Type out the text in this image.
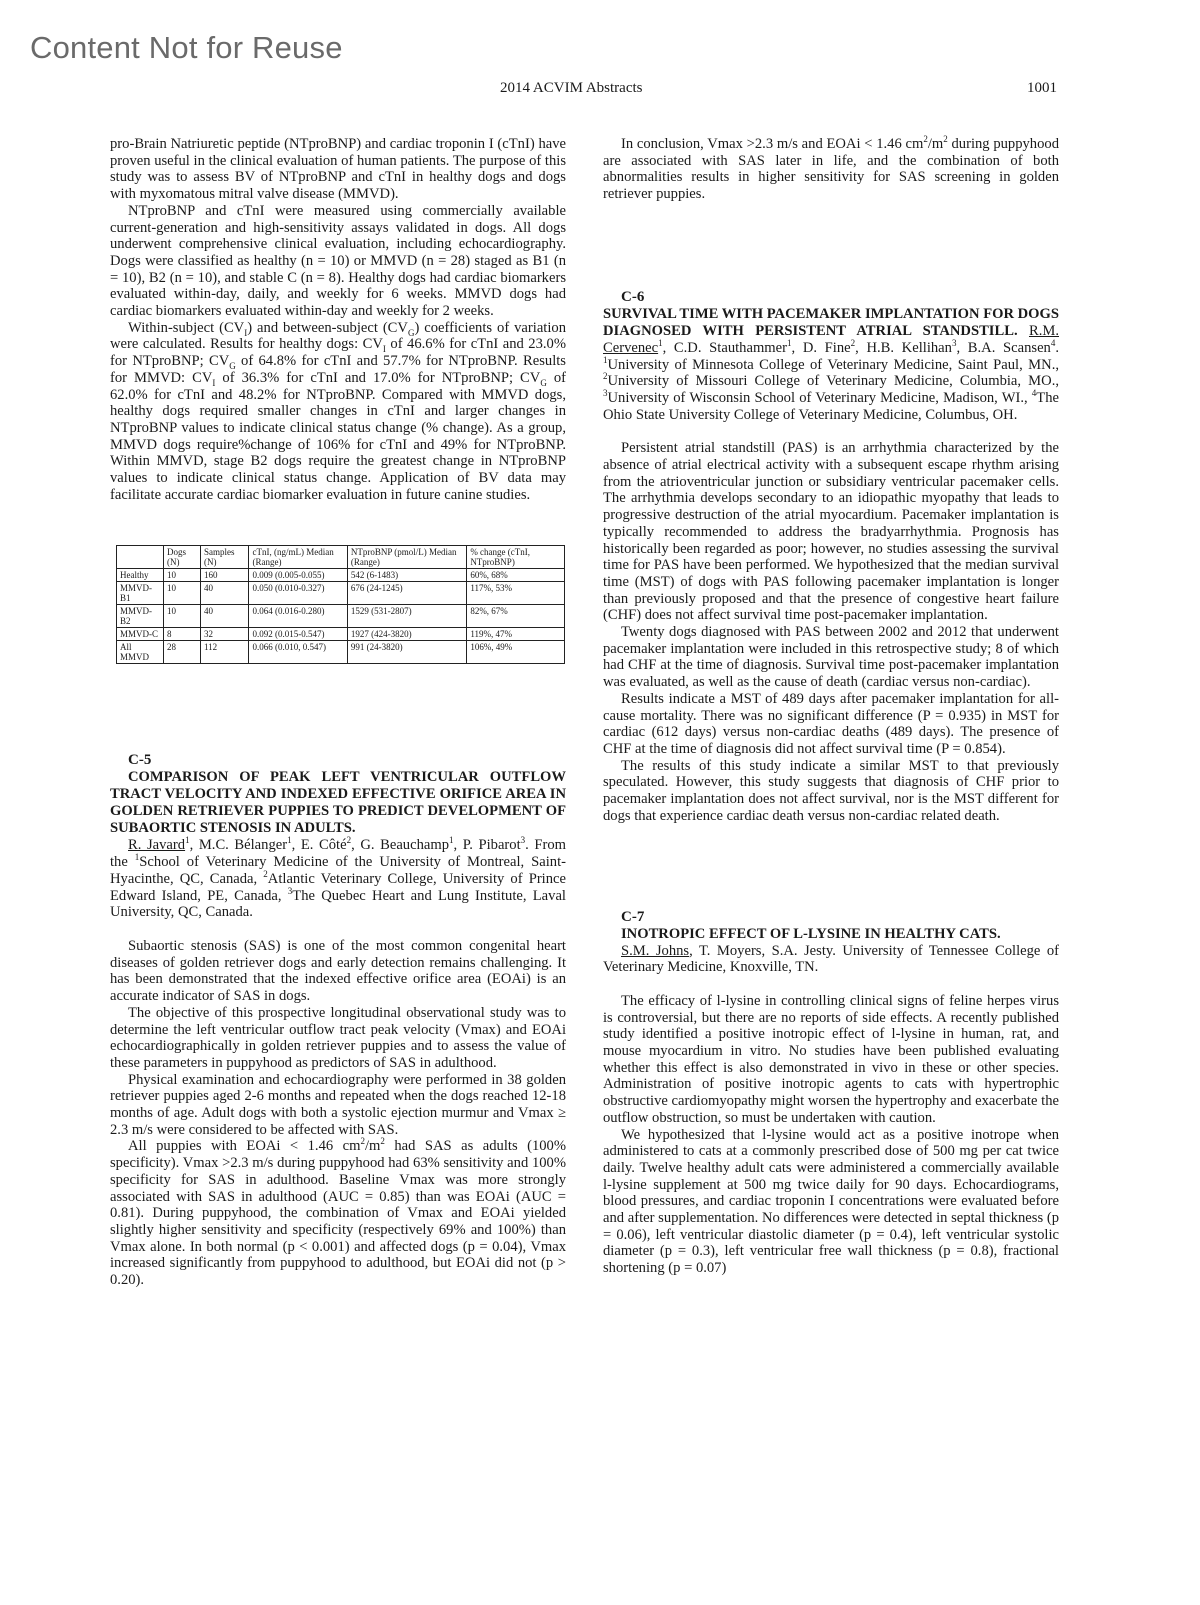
Content Not for Reuse
2014 ACVIM Abstracts	1001

pro-Brain Natriuretic peptide (NTproBNP) and cardiac troponin I (cTnI) have proven useful in the clinical evaluation of human patients. The purpose of this study was to assess BV of NTproBNP and cTnI in healthy dogs and dogs with myxomatous mitral valve disease (MMVD).

NTproBNP and cTnI were measured using commercially available current-generation and high-sensitivity assays validated in dogs. All dogs underwent comprehensive clinical evaluation, including echocardiography. Dogs were classified as healthy (n = 10) or MMVD (n = 28) staged as B1 (n = 10), B2 (n = 10), and stable C (n = 8). Healthy dogs had cardiac biomarkers evaluated within-day, daily, and weekly for 6 weeks. MMVD dogs had cardiac biomarkers evaluated within-day and weekly for 2 weeks.

Within-subject $(CV_I)$ and between-subject $(CV_G)$ coefficients of variation were calculated. Results for healthy dogs: $CV_I$ of 46.6% for cTnI and 23.0% for NTproBNP; $CV_G$ of 64.8% for cTnI and 57.7% for NTproBNP. Results for MMVD: $CV_I$ of 36.3% for cTnI and 17.0% for NTproBNP; $CV_G$ of 62.0% for cTnI and 48.2% for NTproBNP. Compared with MMVD dogs, healthy dogs required smaller changes in cTnI and larger changes in NTproBNP values to indicate clinical status change (% change). As a group, MMVD dogs require%change of 106% for cTnI and 49% for NTproBNP. Within MMVD, stage B2 dogs require the greatest change in NTproBNP values to indicate clinical status change. Application of BV data may facilitate accurate cardiac biomarker evaluation in future canine studies.

	Dogs (N)	Samples (N)	cTnI, (ng/mL) Median (Range)	NTproBNP (pmol/L) Median (Range)	% change (cTnI, NTproBNP)
Healthy	10	160	0.009 (0.005-0.055)	542 (6-1483)	60%, 68%
MMVD-B1	10	40	0.050 (0.010-0.327)	676 (24-1245)	117%, 53%
MMVD-B2	10	40	0.064 (0.016-0.280)	1529 (531-2807)	82%, 67%
MMVD-C	8	32	0.092 (0.015-0.547)	1927 (424-3820)	119%, 47%
All MMVD	28	112	0.066 (0.010, 0.547)	991 (24-3820)	106%, 49%

C-5

COMPARISON OF PEAK LEFT VENTRICULAR OUTFLOW TRACT VELOCITY AND INDEXED EFFECTIVE ORIFICE AREA IN GOLDEN RETRIEVER PUPPIES TO PREDICT DEVELOPMENT OF SUBAORTIC STENOSIS IN ADULTS.

R. Javard$^1$, M.C. Bélanger$^1$, E. Côté$^2$, G. Beauchamp$^1$, P. Pibarot$^3$. From the $^1$School of Veterinary Medicine of the University of Montreal, Saint-Hyacinthe, QC, Canada, $^2$Atlantic Veterinary College, University of Prince Edward Island, PE, Canada, $^3$The Quebec Heart and Lung Institute, Laval University, QC, Canada.

Subaortic stenosis (SAS) is one of the most common congenital heart diseases of golden retriever dogs and early detection remains challenging. It has been demonstrated that the indexed effective orifice area (EOAi) is an accurate indicator of SAS in dogs.

The objective of this prospective longitudinal observational study was to determine the left ventricular outflow tract peak velocity (Vmax) and EOAi echocardiographically in golden retriever puppies and to assess the value of these parameters in puppyhood as predictors of SAS in adulthood.

Physical examination and echocardiography were performed in 38 golden retriever puppies aged 2-6 months and repeated when the dogs reached 12-18 months of age. Adult dogs with both a systolic ejection murmur and Vmax ≥ 2.3 m/s were considered to be affected with SAS.

All puppies with EOAi < 1.46 $cm^2/m^2$ had SAS as adults (100% specificity). Vmax >2.3 m/s during puppyhood had 63% sensitivity and 100% specificity for SAS in adulthood. Baseline Vmax was more strongly associated with SAS in adulthood (AUC = 0.85) than was EOAi (AUC = 0.81). During puppyhood, the combination of Vmax and EOAi yielded slightly higher sensitivity and specificity (respectively 69% and 100%) than Vmax alone. In both normal (p < 0.001) and affected dogs (p = 0.04), Vmax increased significantly from puppyhood to adulthood, but EOAi did not (p > 0.20).

In conclusion, Vmax >2.3 m/s and EOAi < 1.46 $cm^2/m^2$ during puppyhood are associated with SAS later in life, and the combination of both abnormalities results in higher sensitivity for SAS screening in golden retriever puppies.

C-6

SURVIVAL TIME WITH PACEMAKER IMPLANTATION FOR DOGS DIAGNOSED WITH PERSISTENT ATRIAL STANDSTILL. R.M. Cervenec$^1$, C.D. Stauthammer$^1$, D. Fine$^2$, H.B. Kellihan$^3$, B.A. Scansen$^4$. $^1$University of Minnesota College of Veterinary Medicine, Saint Paul, MN., $^2$University of Missouri College of Veterinary Medicine, Columbia, MO., $^3$University of Wisconsin School of Veterinary Medicine, Madison, WI., $^4$The Ohio State University College of Veterinary Medicine, Columbus, OH.

Persistent atrial standstill (PAS) is an arrhythmia characterized by the absence of atrial electrical activity with a subsequent escape rhythm arising from the atrioventricular junction or subsidiary ventricular pacemaker cells. The arrhythmia develops secondary to an idiopathic myopathy that leads to progressive destruction of the atrial myocardium. Pacemaker implantation is typically recommended to address the bradyarrhythmia. Prognosis has historically been regarded as poor; however, no studies assessing the survival time for PAS have been performed. We hypothesized that the median survival time (MST) of dogs with PAS following pacemaker implantation is longer than previously proposed and that the presence of congestive heart failure (CHF) does not affect survival time post-pacemaker implantation.

Twenty dogs diagnosed with PAS between 2002 and 2012 that underwent pacemaker implantation were included in this retrospective study; 8 of which had CHF at the time of diagnosis. Survival time post-pacemaker implantation was evaluated, as well as the cause of death (cardiac versus non-cardiac).

Results indicate a MST of 489 days after pacemaker implantation for all-cause mortality. There was no significant difference (P = 0.935) in MST for cardiac (612 days) versus non-cardiac deaths (489 days). The presence of CHF at the time of diagnosis did not affect survival time (P = 0.854).

The results of this study indicate a similar MST to that previously speculated. However, this study suggests that diagnosis of CHF prior to pacemaker implantation does not affect survival, nor is the MST different for dogs that experience cardiac death versus non-cardiac related death.

C-7

INOTROPIC EFFECT OF L-LYSINE IN HEALTHY CATS.

S.M. Johns, T. Moyers, S.A. Jesty. University of Tennessee College of Veterinary Medicine, Knoxville, TN.

The efficacy of l-lysine in controlling clinical signs of feline herpes virus is controversial, but there are no reports of side effects. A recently published study identified a positive inotropic effect of l-lysine in human, rat, and mouse myocardium in vitro. No studies have been published evaluating whether this effect is also demonstrated in vivo in these or other species. Administration of positive inotropic agents to cats with hypertrophic obstructive cardiomyopathy might worsen the hypertrophy and exacerbate the outflow obstruction, so must be undertaken with caution.

We hypothesized that l-lysine would act as a positive inotrope when administered to cats at a commonly prescribed dose of 500 mg per cat twice daily. Twelve healthy adult cats were administered a commercially available l-lysine supplement at 500 mg twice daily for 90 days. Echocardiograms, blood pressures, and cardiac troponin I concentrations were evaluated before and after supplementation. No differences were detected in septal thickness (p = 0.06), left ventricular diastolic diameter (p = 0.4), left ventricular systolic diameter (p = 0.3), left ventricular free wall thickness (p = 0.8), fractional shortening (p = 0.07)
